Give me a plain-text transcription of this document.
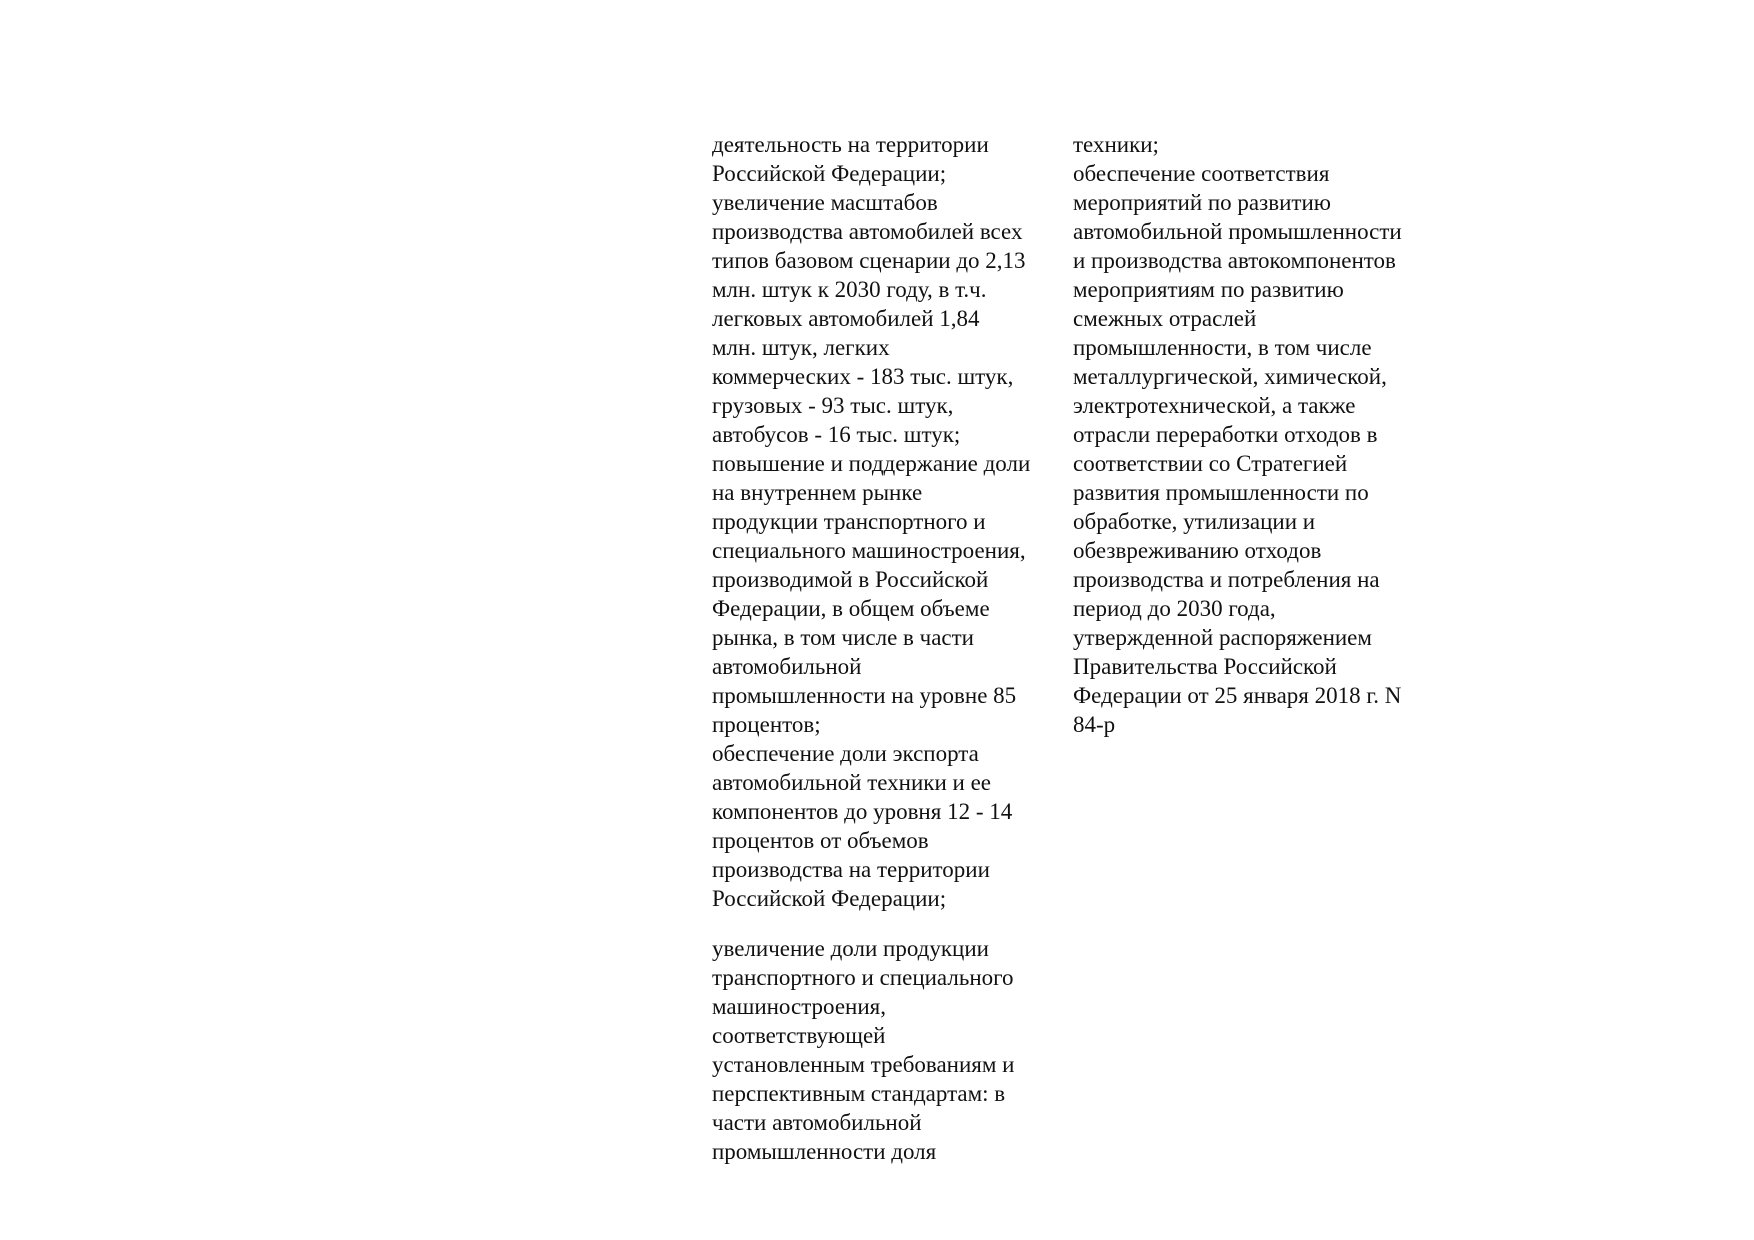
деятельность на территории
Российской Федерации;
увеличение масштабов
производства автомобилей всех
типов базовом сценарии до 2,13
млн. штук к 2030 году, в т.ч.
легковых автомобилей 1,84
млн. штук, легких
коммерческих - 183 тыс. штук,
грузовых - 93 тыс. штук,
автобусов - 16 тыс. штук;
повышение и поддержание доли
на внутреннем рынке
продукции транспортного и
специального машиностроения,
производимой в Российской
Федерации, в общем объеме
рынка, в том числе в части
автомобильной
промышленности на уровне 85
процентов;
обеспечение доли экспорта
автомобильной техники и ее
компонентов до уровня 12 - 14
процентов от объемов
производства на территории
Российской Федерации;
увеличение доли продукции
транспортного и специального
машиностроения,
соответствующей
установленным требованиям и
перспективным стандартам: в
части автомобильной
промышленности доля
техники;
обеспечение соответствия
мероприятий по развитию
автомобильной промышленности
и производства автокомпонентов
мероприятиям по развитию
смежных отраслей
промышленности, в том числе
металлургической, химической,
электротехнической, а также
отрасли переработки отходов в
соответствии со Стратегией
развития промышленности по
обработке, утилизации и
обезвреживанию отходов
производства и потребления на
период до 2030 года,
утвержденной распоряжением
Правительства Российской
Федерации от 25 января 2018 г. N
84-р
